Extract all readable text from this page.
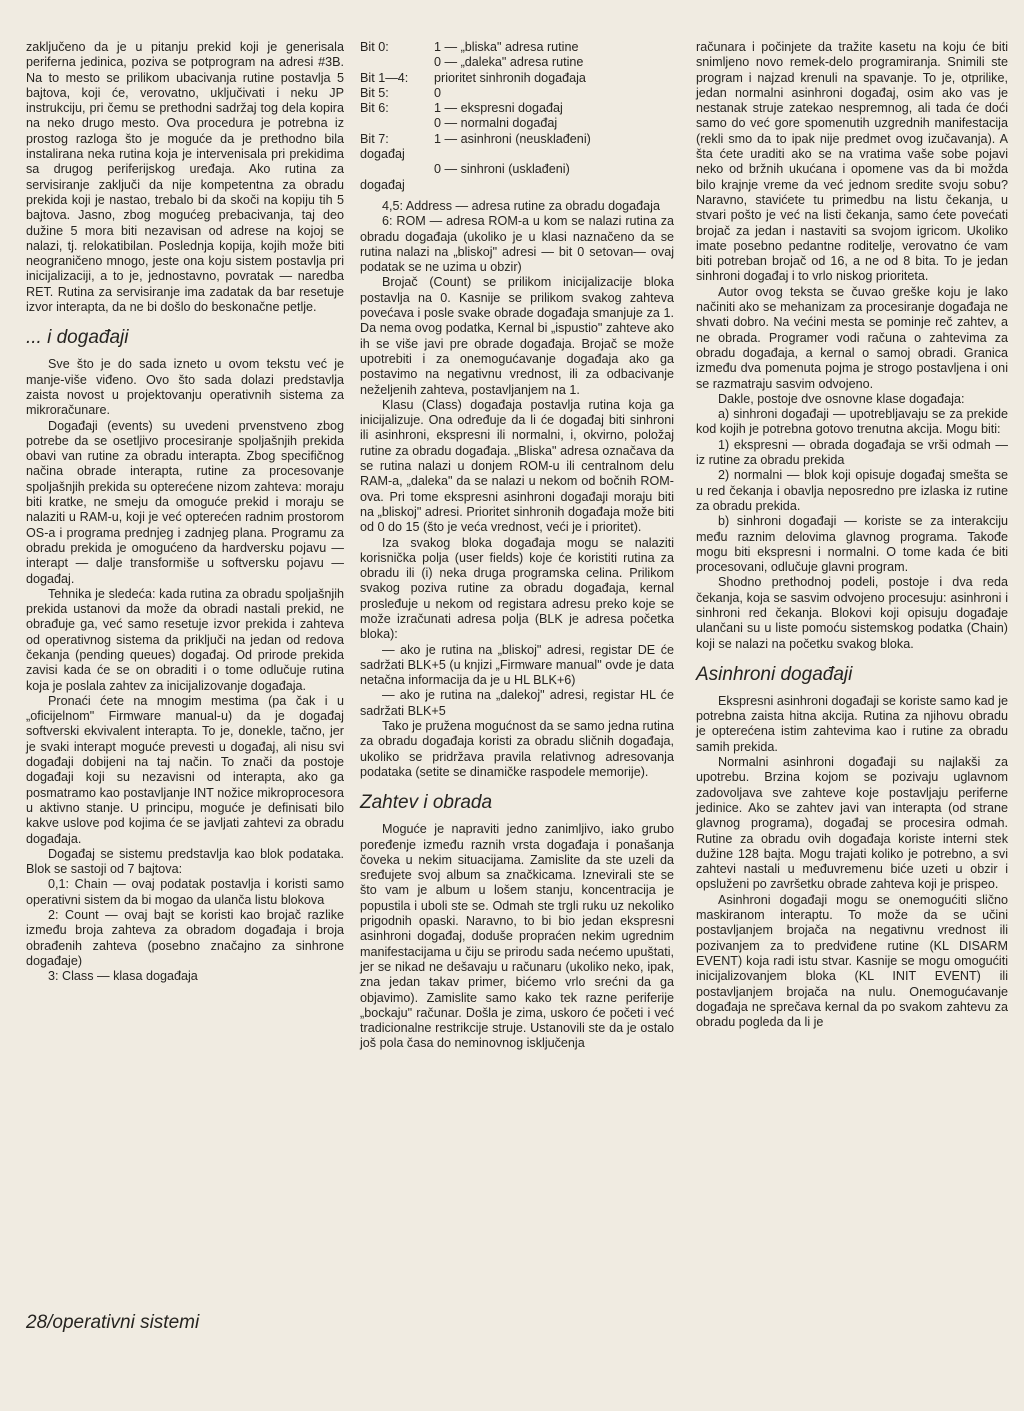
zaključeno da je u pitanju prekid koji je generisala periferna jedinica, poziva se potprogram na adresi #3B. Na to mesto se prilikom ubacivanja rutine postavlja 5 bajtova, koji će, verovatno, uključivati i neku JP instrukciju, pri čemu se prethodni sadržaj tog dela kopira na neko drugo mesto. Ova procedura je potrebna iz prostog razloga što je moguće da je prethodno bila instalirana neka rutina koja je intervenisala pri prekidima sa drugog periferijskog uređaja. Ako rutina za servisiranje zaključi da nije kompetentna za obradu prekida koji je nastao, trebalo bi da skoči na kopiju tih 5 bajtova. Jasno, zbog mogućeg prebacivanja, taj deo dužine 5 mora biti nezavisan od adrese na kojoj se nalazi, tj. relokatibilan. Poslednja kopija, kojih može biti neograničeno mnogo, jeste ona koju sistem postavlja pri inicijalizaciji, a to je, jednostavno, povratak — naredba RET. Rutina za servisiranje ima zadatak da bar resetuje izvor interapta, da ne bi došlo do beskonačne petlje.

... i događaji

Sve što je do sada izneto u ovom tekstu već je manje-više viđeno. Ovo što sada dolazi predstavlja zaista novost u projektovanju operativnih sistema za mikroračunare.

Događaji (events) su uvedeni prvenstveno zbog potrebe da se osetljivo procesiranje spoljašnjih prekida obavi van rutine za obradu interapta. Zbog specifičnog načina obrade interapta, rutine za procesovanje spoljašnjih prekida su opterećene nizom zahteva: moraju biti kratke, ne smeju da omoguće prekid i moraju se nalaziti u RAM-u, koji je već opterećen radnim prostorom OS-a i programa prednjeg i zadnjeg plana. Programu za obradu prekida je omogućeno da hardversku pojavu — interapt — dalje transformiše u softversku pojavu — događaj.

Tehnika je sledeća: kada rutina za obradu spoljašnjih prekida ustanovi da može da obradi nastali prekid, ne obrađuje ga, već samo resetuje izvor prekida i zahteva od operativnog sistema da priključi na jedan od redova čekanja (pending queues) događaj. Od prirode prekida zavisi kada će se on obraditi i o tome odlučuje rutina koja je poslala zahtev za inicijalizovanje događaja.

Pronaći ćete na mnogim mestima (pa čak i u „oficijelnom" Firmware manual-u) da je događaj softverski ekvivalent interapta. To je, donekle, tačno, jer je svaki interapt moguće prevesti u događaj, ali nisu svi događaji dobijeni na taj način. To znači da postoje događaji koji su nezavisni od interapta, ako ga posmatramo kao postavljanje INT nožice mikroprocesora u aktivno stanje. U principu, moguće je definisati bilo kakve uslove pod kojima će se javljati zahtevi za obradu događaja.

Događaj se sistemu predstavlja kao blok podataka. Blok se sastoji od 7 bajtova:

0,1: Chain — ovaj podatak postavlja i koristi samo operativni sistem da bi mogao da ulanča listu blokova

2: Count — ovaj bajt se koristi kao brojač razlike između broja zahteva za obradom događaja i broja obrađenih zahteva (posebno značajno za sinhrone događaje)

3: Class — klasa događaja

Bit 0:	1 — „bliska" adresa rutine
0 — „daleka" adresa rutine
Bit 1—4:	prioritet sinhronih događaja
Bit 5:	0
Bit 6:	1 — ekspresni događaj
0 — normalni događaj
Bit 7:	1 — asinhroni (neusklađeni)

događaj

0 — sinhroni (usklađeni)

događaj

4,5: Address — adresa rutine za obradu događaja

6: ROM — adresa ROM-a u kom se nalazi rutina za obradu događaja (ukoliko je u klasi naznačeno da se rutina nalazi na „bliskoj" adresi — bit 0 setovan— ovaj podatak se ne uzima u obzir)

Brojač (Count) se prilikom inicijalizacije bloka postavlja na 0. Kasnije se prilikom svakog zahteva povećava i posle svake obrade događaja smanjuje za 1. Da nema ovog podatka, Kernal bi „ispustio" zahteve ako ih se više javi pre obrade događaja. Brojač se može upotrebiti i za onemogućavanje događaja ako ga postavimo na negativnu vrednost, ili za odbacivanje neželjenih zahteva, postavljanjem na 1.

Klasu (Class) događaja postavlja rutina koja ga inicijalizuje. Ona određuje da li će događaj biti sinhroni ili asinhroni, ekspresni ili normalni, i, okvirno, položaj rutine za obradu događaja. „Bliska" adresa označava da se rutina nalazi u donjem ROM-u ili centralnom delu RAM-a, „daleka" da se nalazi u nekom od bočnih ROM-ova. Pri tome ekspresni asinhroni događaji moraju biti na „bliskoj" adresi. Prioritet sinhronih događaja može biti od 0 do 15 (što je veća vrednost, veći je i prioritet).

Iza svakog bloka događaja mogu se nalaziti korisnička polja (user fields) koje će koristiti rutina za obradu ili (i) neka druga programska celina. Prilikom svakog poziva rutine za obradu događaja, kernal prosleđuje u nekom od registara adresu preko koje se može izračunati adresa polja (BLK je adresa početka bloka):

— ako je rutina na „bliskoj" adresi, registar DE će sadržati BLK+5 (u knjizi „Firmware manual" ovde je data netačna informacija da je u HL BLK+6)

— ako je rutina na „dalekoj" adresi, registar HL će sadržati BLK+5

Tako je pružena mogućnost da se samo jedna rutina za obradu događaja koristi za obradu sličnih događaja, ukoliko se pridržava pravila relativnog adresovanja podataka (setite se dinamičke raspodele memorije).

Zahtev i obrada

Moguće je napraviti jedno zanimljivo, iako grubo poređenje između raznih vrsta događaja i ponašanja čoveka u nekim situacijama. Zamislite da ste uzeli da sređujete svoj album sa značkicama. Iznevirali ste se što vam je album u lošem stanju, koncentracija je popustila i uboli ste se. Odmah ste trgli ruku uz nekoliko prigodnih opaski. Naravno, to bi bio jedan ekspresni asinhroni događaj, doduše propraćen nekim ugrednim manifestacijama u čiju se prirodu sada nećemo upuštati, jer se nikad ne dešavaju u računaru (ukoliko neko, ipak, zna jedan takav primer, bićemo vrlo srećni da ga objavimo). Zamislite samo kako tek razne periferije „bockaju" računar. Došla je zima, uskoro će početi i već tradicionalne restrikcije struje. Ustanovili ste da je ostalo još pola časa do neminovnog isključenja

računara i počinjete da tražite kasetu na koju će biti snimljeno novo remek-delo programiranja. Snimili ste program i najzad krenuli na spavanje. To je, otprilike, jedan normalni asinhroni događaj, osim ako vas je nestanak struje zatekao nespremnog, ali tada će doći samo do već gore spomenutih uzgrednih manifestacija (rekli smo da to ipak nije predmet ovog izučavanja). A šta ćete uraditi ako se na vratima vaše sobe pojavi neko od bržnih ukućana i opomene vas da bi možda bilo krajnje vreme da već jednom sredite svoju sobu? Naravno, stavićete tu primedbu na listu čekanja, u stvari pošto je već na listi čekanja, samo ćete povećati brojač za jedan i nastaviti sa svojom igricom. Ukoliko imate posebno pedantne roditelje, verovatno će vam biti potreban brojač od 16, a ne od 8 bita. To je jedan sinhroni događaj i to vrlo niskog prioriteta.

Autor ovog teksta se čuvao greške koju je lako načiniti ako se mehanizam za procesiranje događaja ne shvati dobro. Na većini mesta se pominje reč zahtev, a ne obrada. Programer vodi računa o zahtevima za obradu događaja, a kernal o samoj obradi. Granica između dva pomenuta pojma je strogo postavljena i oni se razmatraju sasvim odvojeno.

Dakle, postoje dve osnovne klase događaja:

a) sinhroni događaji — upotrebljavaju se za prekide kod kojih je potrebna gotovo trenutna akcija. Mogu biti:

1) ekspresni — obrada događaja se vrši odmah — iz rutine za obradu prekida

2) normalni — blok koji opisuje događaj smešta se u red čekanja i obavlja neposredno pre izlaska iz rutine za obradu prekida.

b) sinhroni događaji — koriste se za interakciju među raznim delovima glavnog programa. Takođe mogu biti ekspresni i normalni. O tome kada će biti procesovani, odlučuje glavni program.

Shodno prethodnoj podeli, postoje i dva reda čekanja, koja se sasvim odvojeno procesuju: asinhroni i sinhroni red čekanja. Blokovi koji opisuju događaje ulančani su u liste pomoću sistemskog podatka (Chain) koji se nalazi na početku svakog bloka.

Asinhroni događaji

Ekspresni asinhroni događaji se koriste samo kad je potrebna zaista hitna akcija. Rutina za njihovu obradu je opterećena istim zahtevima kao i rutine za obradu samih prekida.

Normalni asinhroni događaji su najlakši za upotrebu. Brzina kojom se pozivaju uglavnom zadovoljava sve zahteve koje postavljaju periferne jedinice. Ako se zahtev javi van interapta (od strane glavnog programa), događaj se procesira odmah. Rutine za obradu ovih događaja koriste interni stek dužine 128 bajta. Mogu trajati koliko je potrebno, a svi zahtevi nastali u međuvremenu biće uzeti u obzir i opsluženi po završetku obrade zahteva koji je prispeo.

Asinhroni događaji mogu se onemogućiti slično maskiranom interaptu. To može da se učini postavljanjem brojača na negativnu vrednost ili pozivanjem za to predviđene rutine (KL DISARM EVENT) koja radi istu stvar. Kasnije se mogu omogućiti inicijalizovanjem bloka (KL INIT EVENT) ili postavljanjem brojača na nulu. Onemogućavanje događaja ne sprečava kernal da po svakom zahtevu za obradu pogleda da li je

28/operativni sistemi
